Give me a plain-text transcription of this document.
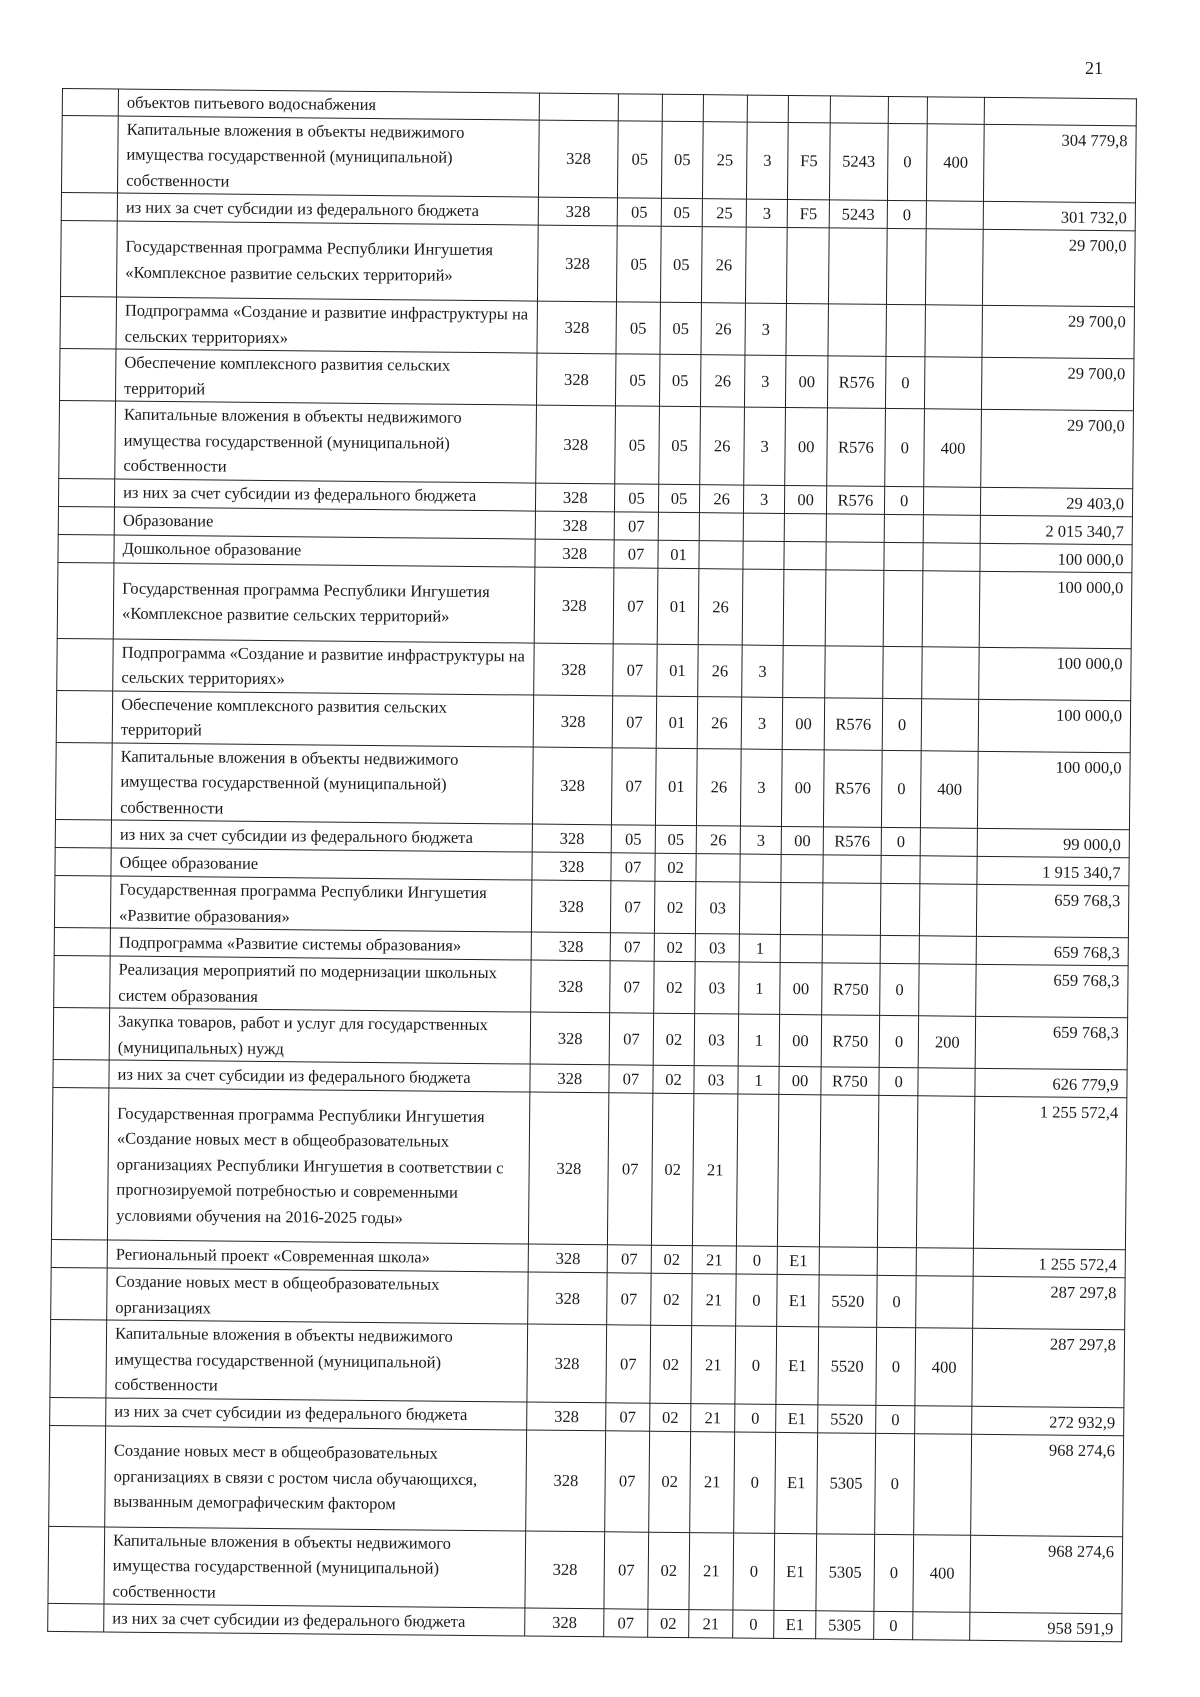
21
	объектов питьевого водоснабжения										
	Капитальные вложения в объекты недвижимого имущества государственной (муниципальной) собственности	328	05	05	25	3	F5	5243	0	400	304 779,8
	из них за счет субсидии из федерального бюджета	328	05	05	25	3	F5	5243	0		301 732,0
	Государственная программа Республики Ингушетия «Комплексное развитие сельских территорий»	328	05	05	26						29 700,0
	Подпрограмма «Создание и развитие инфраструктуры на сельских территориях»	328	05	05	26	3					29 700,0
	Обеспечение комплексного развития сельских территорий	328	05	05	26	3	00	R576	0		29 700,0
	Капитальные вложения в объекты недвижимого имущества государственной (муниципальной) собственности	328	05	05	26	3	00	R576	0	400	29 700,0
	из них за счет субсидии из федерального бюджета	328	05	05	26	3	00	R576	0		29 403,0
	Образование	328	07								2 015 340,7
	Дошкольное образование	328	07	01							100 000,0
	Государственная программа Республики Ингушетия «Комплексное развитие сельских территорий»	328	07	01	26						100 000,0
	Подпрограмма «Создание и развитие инфраструктуры на сельских территориях»	328	07	01	26	3					100 000,0
	Обеспечение комплексного развития сельских территорий	328	07	01	26	3	00	R576	0		100 000,0
	Капитальные вложения в объекты недвижимого имущества государственной (муниципальной) собственности	328	07	01	26	3	00	R576	0	400	100 000,0
	из них за счет субсидии из федерального бюджета	328	05	05	26	3	00	R576	0		99 000,0
	Общее образование	328	07	02							1 915 340,7
	Государственная программа Республики Ингушетия «Развитие образования»	328	07	02	03						659 768,3
	Подпрограмма «Развитие системы образования»	328	07	02	03	1					659 768,3
	Реализация мероприятий по модернизации школьных систем образования	328	07	02	03	1	00	R750	0		659 768,3
	Закупка товаров, работ и услуг для государственных (муниципальных) нужд	328	07	02	03	1	00	R750	0	200	659 768,3
	из них за счет субсидии из федерального бюджета	328	07	02	03	1	00	R750	0		626 779,9
	Государственная программа Республики Ингушетия «Создание новых мест в общеобразовательных организациях Республики Ингушетия в соответствии с прогнозируемой потребностью и современными условиями обучения на 2016-2025 годы»	328	07	02	21						1 255 572,4
	Региональный проект «Современная школа»	328	07	02	21	0	E1				1 255 572,4
	Создание новых мест в общеобразовательных организациях	328	07	02	21	0	E1	5520	0		287 297,8
	Капитальные вложения в объекты недвижимого имущества государственной (муниципальной) собственности	328	07	02	21	0	E1	5520	0	400	287 297,8
	из них за счет субсидии из федерального бюджета	328	07	02	21	0	E1	5520	0		272 932,9
	Создание новых мест в общеобразовательных организациях в связи с ростом числа обучающихся, вызванным демографическим фактором	328	07	02	21	0	E1	5305	0		968 274,6
	Капитальные вложения в объекты недвижимого имущества государственной (муниципальной) собственности	328	07	02	21	0	E1	5305	0	400	968 274,6
	из них за счет субсидии из федерального бюджета	328	07	02	21	0	E1	5305	0		958 591,9
